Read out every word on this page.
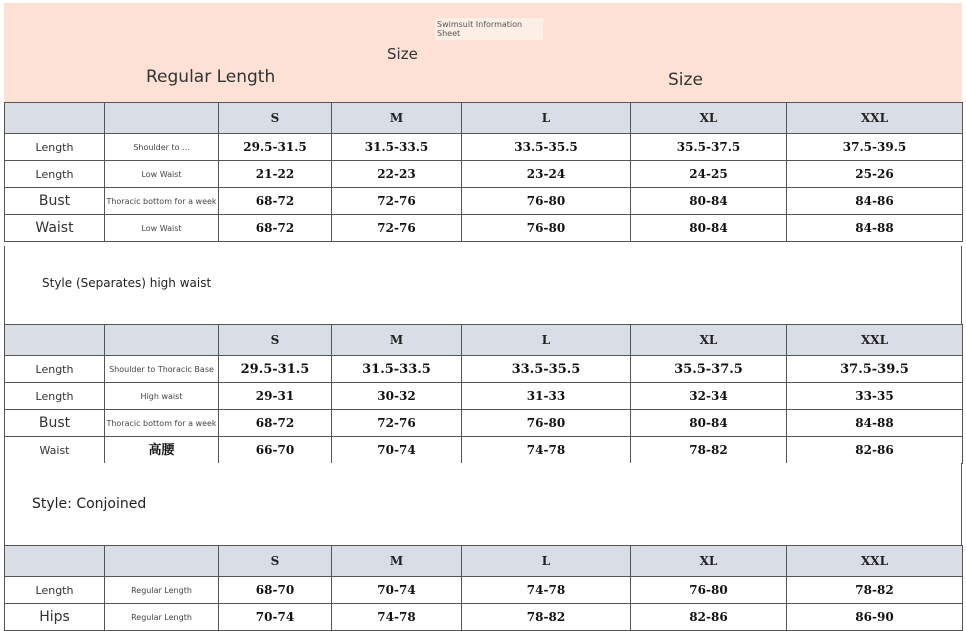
Swimsuit Information Sheet
Size
Regular Length	Size
		S	M	L	XL	XXL
Length	Shoulder to ...	29.5-31.5	31.5-33.5	33.5-35.5	35.5-37.5	37.5-39.5
Length	Low Waist	21-22	22-23	23-24	24-25	25-26
Bust	Thoracic bottom for a week	68-72	72-76	76-80	80-84	84-86
Waist	Low Waist	68-72	72-76	76-80	80-84	84-88
Style (Separates) high waist
		S	M	L	XL	XXL
Length	Shoulder to Thoracic Base	29.5-31.5	31.5-33.5	33.5-35.5	35.5-37.5	37.5-39.5
Length	High waist	29-31	30-32	31-33	32-34	33-35
Bust	Thoracic bottom for a week	68-72	72-76	76-80	80-84	84-88
Waist	高腰	66-70	70-74	74-78	78-82	82-86
Style: Conjoined
		S	M	L	XL	XXL
Length	Regular Length	68-70	70-74	74-78	76-80	78-82
Hips	Regular Length	70-74	74-78	78-82	82-86	86-90
